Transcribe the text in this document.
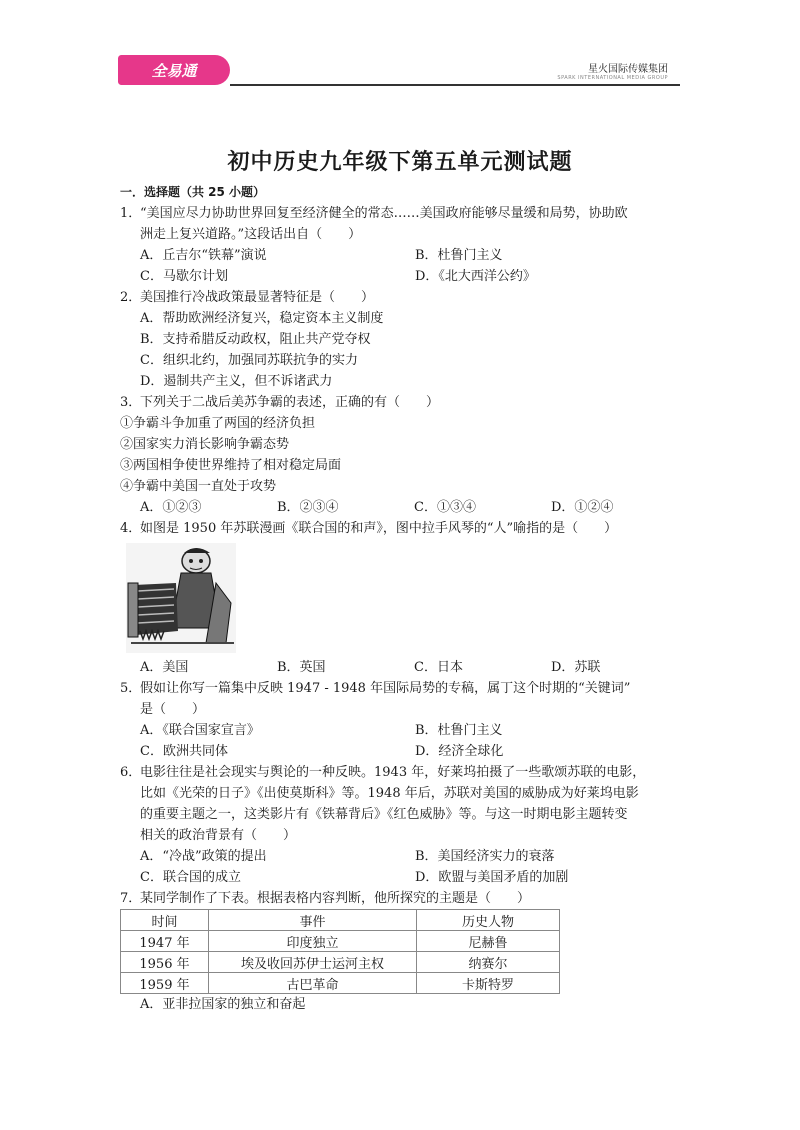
全易通	星火国际传媒集团
SPARK INTERNATIONAL MEDIA GROUP
初中历史九年级下第五单元测试题
一．选择题（共 25 小题）
1．“美国应尽力协助世界回复至经济健全的常态……美国政府能够尽量缓和局势，协助欧
洲走上复兴道路。”这段话出自（　　）
A．丘吉尔“铁幕”演说	B．杜鲁门主义
C．马歇尔计划	D．《北大西洋公约》
2．美国推行冷战政策最显著特征是（　　）
A．帮助欧洲经济复兴，稳定资本主义制度
B．支持希腊反动政权，阻止共产党夺权
C．组织北约，加强同苏联抗争的实力
D．遏制共产主义，但不诉诸武力
3．下列关于二战后美苏争霸的表述，正确的有（　　）
①争霸斗争加重了两国的经济负担
②国家实力消长影响争霸态势
③两国相争使世界维持了相对稳定局面
④争霸中美国一直处于攻势
A．①②③	B．②③④	C．①③④	D．①②④
4．如图是 1950 年苏联漫画《联合国的和声》，图中拉手风琴的“人”喻指的是（　　）
A．美国	B．英国	C．日本	D．苏联
5．假如让你写一篇集中反映 1947 - 1948 年国际局势的专稿，属丁这个时期的“关键词”
是（　　）
A．《联合国家宣言》	B．杜鲁门主义
C．欧洲共同体	D．经济全球化
6．电影往往是社会现实与舆论的一种反映。1943 年，好莱坞拍摄了一些歌颂苏联的电影，
比如《光荣的日子》《出使莫斯科》等。1948 年后，苏联对美国的威胁成为好莱坞电影
的重要主题之一，这类影片有《铁幕背后》《红色威胁》等。与这一时期电影主题转变
相关的政治背景有（　　）
A．“冷战”政策的提出	B．美国经济实力的衰落
C．联合国的成立	D．欧盟与美国矛盾的加剧
7．某同学制作了下表。根据表格内容判断，他所探究的主题是（　　）
时间	事件	历史人物
1947 年	印度独立	尼赫鲁
1956 年	埃及收回苏伊士运河主权	纳赛尔
1959 年	古巴革命	卡斯特罗
A．亚非拉国家的独立和奋起
